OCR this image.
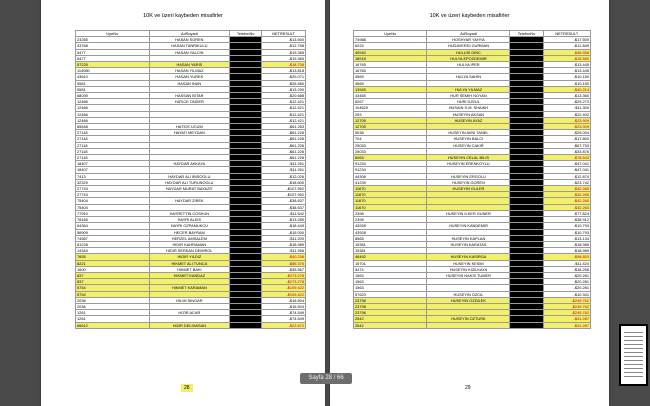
10K ve üzeri kaybeden misafirler
UyeNo	AdSoyadi	TelefonNo	NETRESULT
23265	HASAN SOREN		-$13.500
43768	HASAN TANRIKULU		-$12.758
5477	HASAN YALCIN		-$19.365
5477			-$19.365
57225	HASAN YARIS		-$18.708
114080	HASAN YILMAZ		-$13.818
43610	HASAN YUREK		-$29.071
5581	HASAN INAN		-$26.580
5581			-$13.290
68039	HASSAN BITAR		-$20.688
12466	HATICE ONDER		-$12.421
12466			-$12.421
12466			-$12.421
12466			-$12.421
85548	HATICE UCUM		-$61.283
27118	HAYATI MEYDAN		-$61.226
27118			-$61.226
27118			-$61.226
27118			-$61.226
27118			-$61.226
18407	HAYDAR AKKAYA		-$11.261
18407			-$11.261
7413	HAYDAR ALI IBISOGLU		-$12.026
32329	HAYDAR ALI TURUNOGLU		-$18.600
27743	HAYDAR MURAT BAYAZIT		-$107.952
27743			-$107.952
75404	HAYDAR ZIREK		-$38.637
75404			-$38.637
77910	HAYRETTIN COSKUN		-$11.642
78165	HAYRI ALKIS		-$13.289
64364	HAYRI OZPAMUKCU		-$18.449
56909	HECER BAYRAM		-$15.000
74567	HERZEL AMSALEM		-$11.200
81228	HIDIR KAHRAMAN		-$18.989
14344	HIDIR SERKAN DEMIROL		-$11.958
7655	HIDIR YILDIZ		-$40.258
8221	HIKMET ALI TUNCA		-$85.376
1600	HIKMET BAKI		-$35.567
837	HIKMET KANDAZ		-$273.278
837			-$273.278
5754	HIKMET KARAMAN		-$109.422
5754			-$109.422
2036	HILMI SINGAR		-$16.504
2036			-$16.504
1261	HIZIR ACAR		-$74.549
1261			-$74.549
66612	HIZIR DELIHASAN		-$22.672
28
10K ve üzeri kaybeden misafirler
UyeNo	AdSoyadi	TelefonNo	NETRESULT
74988	HOSHYAR YAHYA		-$17.500
6224	HUDAVERDI GURMAN		-$12.849
40940	HULUSI DINC		-$46.956
18918	HULYA EPOZDEMIR		-$15.580
16765	HULYA IPER		-$13.445
16765			-$13.445
4569	HULYA SAHIN		-$10.150
4569			-$10.150
13945	HULYA YILMAZ		-$40.214
43455	HUR SEMIH NOYAN		-$13.360
8267	HURI DJEUL		-$29.273
104620	HUSAIN S.M. SHAIKH		-$11.300
293	HUSEYIN AKSAN		-$22.402
12705	HUSEYIN AYAZ		-$23.909
12705			-$23.909
5038	HUSEYIN AVNI TANEL		-$25.004
704	HUSEYIN BALCI		-$17.800
25033	HUSEYIN CAKIR		-$67.753
25033			-$33.876
6063	HUSEYIN CELAL BILIS		-$78.543
91234	HUSEYIN ERENKOYLU		-$47.041
91234			-$47.041
44306	HUSEYIN ERGOLU		-$12.874
41239	HUSEYIN GOREN		-$23.742
11670	HUSEYIN GULER		-$42.265
11670			-$42.265
11670			-$42.265
11670			-$42.265
2398	HUSEYIN ILKER GUNER		-$77.824
2398			-$38.912
43928	HUSEYIN KANDEMIR		-$10.793
43928			-$10.793
8565	HUSEYIN KAPLAN		-$13.134
15381	HUSEYIN KARATAS		-$18.989
15381			-$18.989
46492	HUSEYIN KASIRGA		-$98.853
15701	HUSEYIN KESIM		-$11.424
5474	HUSEYIN KIZILKAYA		-$18.256
1563	HUSEYIN NAKSI TUMER		-$20.281
1563			-$20.281
1563			-$20.281
57623	HUSEYIN OZCIL		-$10.341
23798	HUSEYIN OZDILEK		-$249.762
23798			-$249.762
23798			-$249.762
2542	HUSEYIN OZTURK		-$41.287
2542			-$41.287
29
Sayfa 28 / 66
